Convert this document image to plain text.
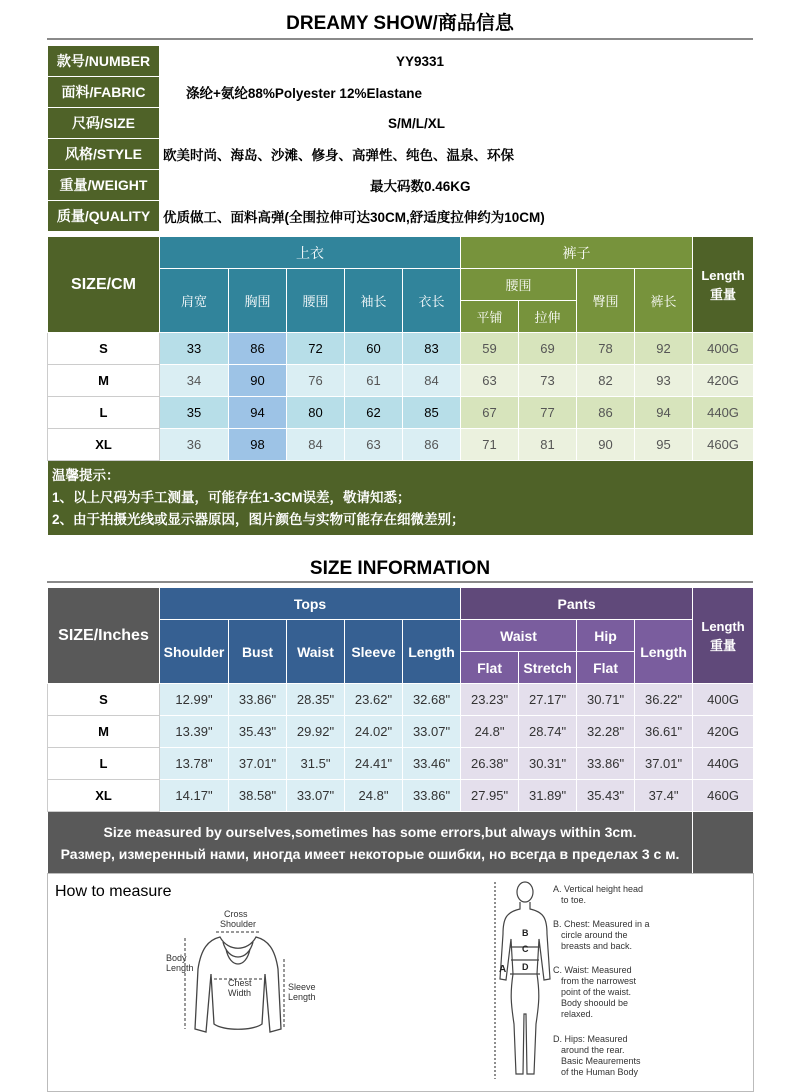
DREAMY SHOW/商品信息
款号/NUMBER	YY9331
面料/FABRIC	涤纶+氨纶88%Polyester 12%Elastane
尺码/SIZE	S/M/L/XL
风格/STYLE	欧美时尚、海岛、沙滩、修身、高弹性、纯色、温泉、环保
重量/WEIGHT	最大码数0.46KG
质量/QUALITY	优质做工、面料高弹(全围拉伸可达30CM,舒适度拉伸约为10CM)
SIZE/CM	上衣					裤子				Length
重量
	肩宽	胸围	腰围	袖长	衣长	腰围		臀围	裤长	
						平铺	拉伸			
S	33	86	72	60	83	59	69	78	92	400G
M	34	90	76	61	84	63	73	82	93	420G
L	35	94	80	62	85	67	77	86	94	440G
XL	36	98	84	63	86	71	81	90	95	460G

温馨提示：
1、以上尺码为手工测量，可能存在1-3CM误差，敬请知悉；
2、由于拍摄光线或显示器原因，图片颜色与实物可能存在细微差别；										
SIZE INFORMATION
SIZE/Inches	Tops					Pants				Length
重量
	Shoulder	Bust	Waist	Sleeve	Length	Waist		Hip	Length	
						Flat	Stretch	Flat		
S	12.99"	33.86"	28.35"	23.62"	32.68"	23.23"	27.17"	30.71"	36.22"	400G
M	13.39"	35.43"	29.92"	24.02"	33.07"	24.8"	28.74"	32.28"	36.61"	420G
L	13.78"	37.01"	31.5"	24.41"	33.46"	26.38"	30.31"	33.86"	37.01"	440G
XL	14.17"	38.58"	33.07"	24.8"	33.86"	27.95"	31.89"	35.43"	37.4"	460G

Size measured by ourselves,sometimes has some errors,but always within 3cm.
Размер, измеренный нами, иногда имеет некоторые ошибки, но всегда в пределах 3 с м.										

How to measure
Cross
Shoulder
Body
Length
Chest
Width
Sleeve
Length
A
B
C
D
A. Vertical height head
to toe.
B. Chest: Measured in a
circle around the
breasts and back.
C. Waist: Measured
from the narrowest
point of the waist.
Body shoould be
relaxed.
D. Hips: Measured
around the rear.
Basic Meaurements
of the Human Body
